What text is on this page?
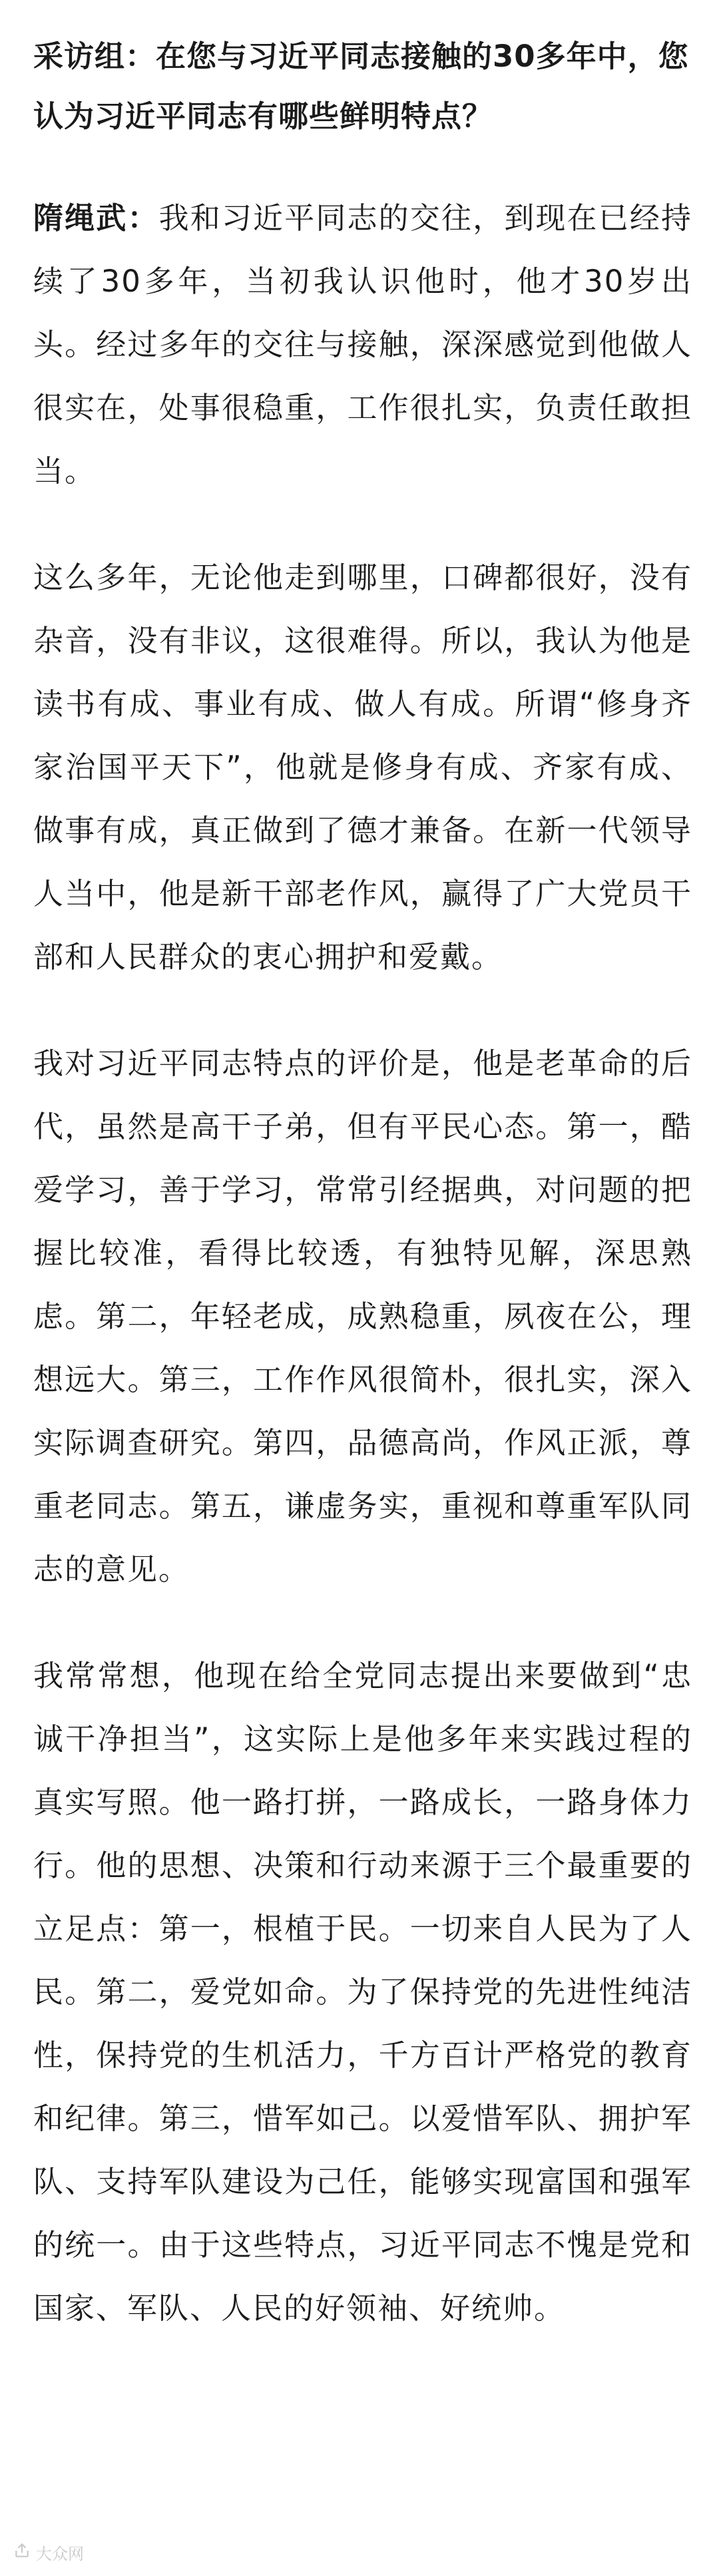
采访组：在您与习近平同志接触的30多年中，您认为习近平同志有哪些鲜明特点？

隋绳武：我和习近平同志的交往，到现在已经持续了30多年，当初我认识他时，他才30岁出头。经过多年的交往与接触，深深感觉到他做人很实在，处事很稳重，工作很扎实，负责任敢担当。

这么多年，无论他走到哪里，口碑都很好，没有杂音，没有非议，这很难得。所以，我认为他是读书有成、事业有成、做人有成。所谓“修身齐家治国平天下”，他就是修身有成、齐家有成、做事有成，真正做到了德才兼备。在新一代领导人当中，他是新干部老作风，赢得了广大党员干部和人民群众的衷心拥护和爱戴。

我对习近平同志特点的评价是，他是老革命的后代，虽然是高干子弟，但有平民心态。第一，酷爱学习，善于学习，常常引经据典，对问题的把握比较准，看得比较透，有独特见解，深思熟虑。第二，年轻老成，成熟稳重，夙夜在公，理想远大。第三，工作作风很简朴，很扎实，深入实际调查研究。第四，品德高尚，作风正派，尊重老同志。第五，谦虚务实，重视和尊重军队同志的意见。

我常常想，他现在给全党同志提出来要做到“忠诚干净担当”，这实际上是他多年来实践过程的真实写照。他一路打拼，一路成长，一路身体力行。他的思想、决策和行动来源于三个最重要的立足点：第一，根植于民。一切来自人民为了人民。第二，爱党如命。为了保持党的先进性纯洁性，保持党的生机活力，千方百计严格党的教育和纪律。第三，惜军如己。以爱惜军队、拥护军队、支持军队建设为己任，能够实现富国和强军的统一。由于这些特点，习近平同志不愧是党和国家、军队、人民的好领袖、好统帅。

大众网
